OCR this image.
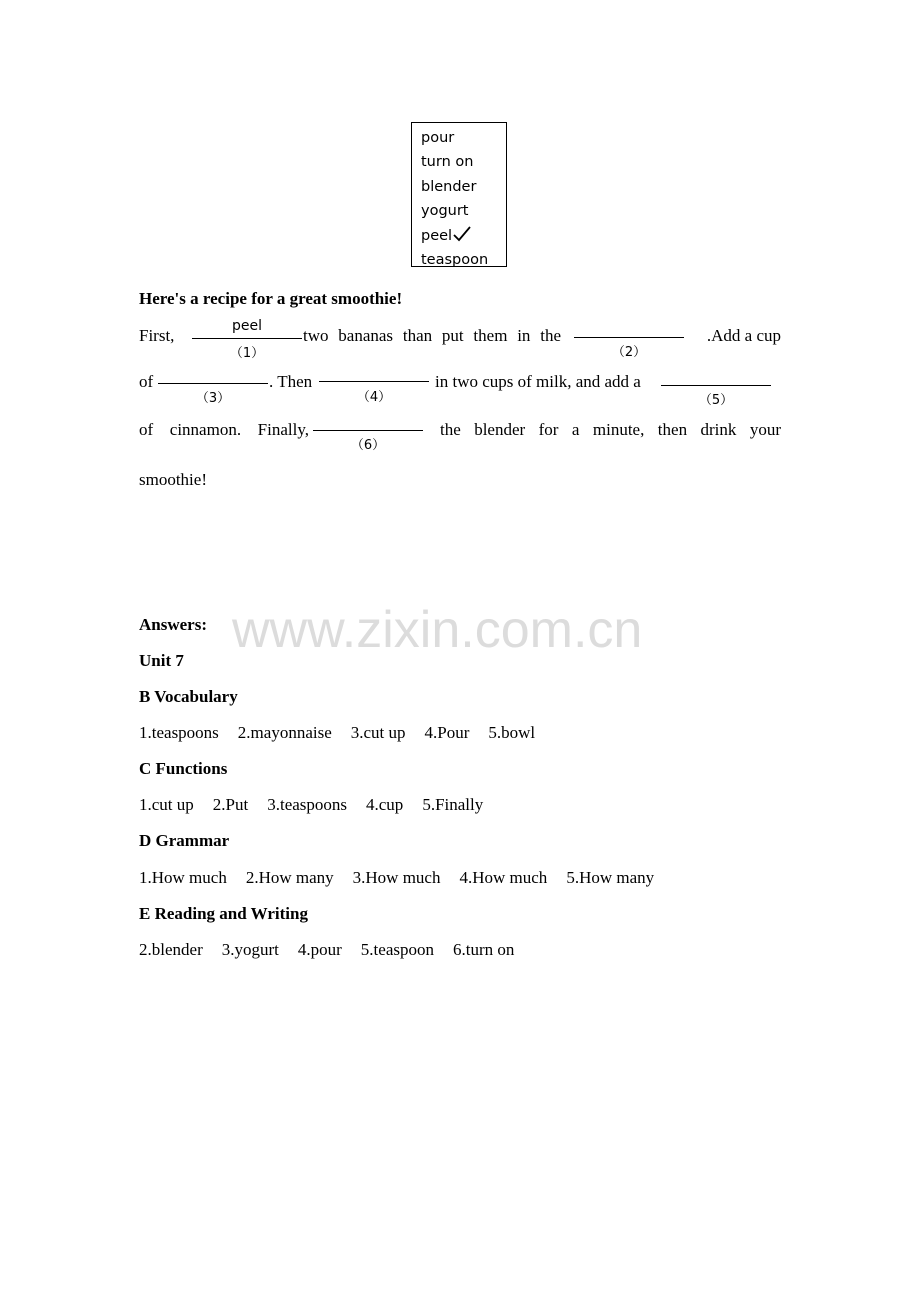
pour
turn on
blender
yogurt
peel
teaspoon
Here's a recipe for a great smoothie!
First,	peel
（1）
two bananas than put them in the
（2）
.Add a cup
of
（3）
. Then
（4）
in two cups of milk, and add a
（5）
of cinnamon. Finally,
（6）
the blender for a minute, then drink your
smoothie!
www.zixin.com.cn
Answers:
Unit 7
B Vocabulary
1.teaspoons 2.mayonnaise 3.cut up 4.Pour 5.bowl
C Functions
1.cut up 2.Put 3.teaspoons 4.cup 5.Finally
D Grammar
1.How much 2.How many 3.How much 4.How much 5.How many
E Reading and Writing
2.blender 3.yogurt 4.pour 5.teaspoon 6.turn on
